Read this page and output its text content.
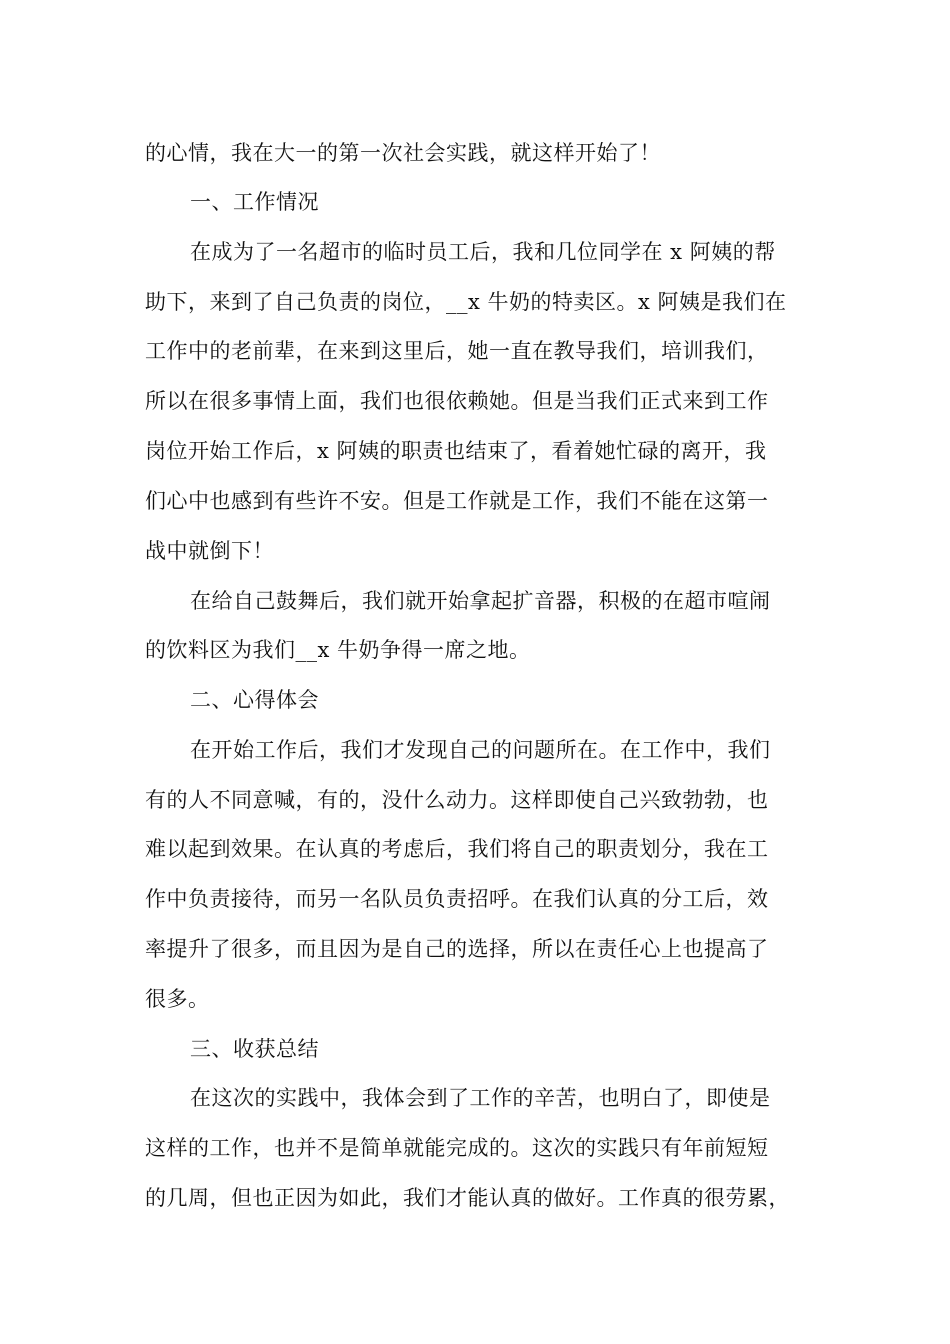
的心情，我在大一的第一次社会实践，就这样开始了！
一、工作情况
在成为了一名超市的临时员工后，我和几位同学在 x 阿姨的帮
助下，来到了自己负责的岗位，__x 牛奶的特卖区。x 阿姨是我们在
工作中的老前辈，在来到这里后，她一直在教导我们，培训我们，
所以在很多事情上面，我们也很依赖她。但是当我们正式来到工作
岗位开始工作后，x 阿姨的职责也结束了，看着她忙碌的离开，我
们心中也感到有些许不安。但是工作就是工作，我们不能在这第一
战中就倒下！
在给自己鼓舞后，我们就开始拿起扩音器，积极的在超市喧闹
的饮料区为我们__x 牛奶争得一席之地。
二、心得体会
在开始工作后，我们才发现自己的问题所在。在工作中，我们
有的人不同意喊，有的，没什么动力。这样即使自己兴致勃勃，也
难以起到效果。在认真的考虑后，我们将自己的职责划分，我在工
作中负责接待，而另一名队员负责招呼。在我们认真的分工后，效
率提升了很多，而且因为是自己的选择，所以在责任心上也提高了
很多。
三、收获总结
在这次的实践中，我体会到了工作的辛苦，也明白了，即使是
这样的工作，也并不是简单就能完成的。这次的实践只有年前短短
的几周，但也正因为如此，我们才能认真的做好。工作真的很劳累，
